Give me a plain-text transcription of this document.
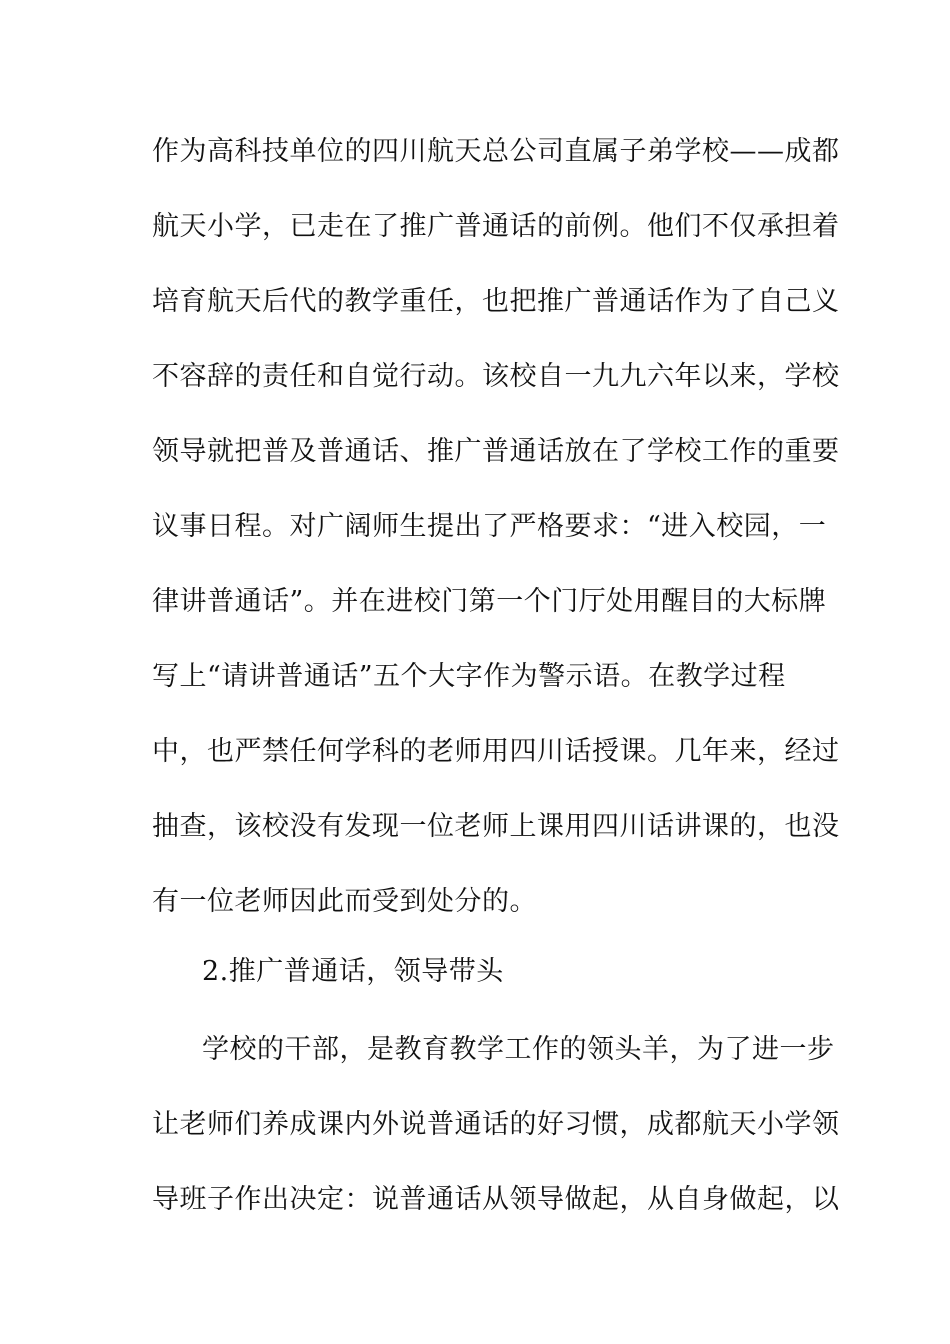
作为高科技单位的四川航天总公司直属子弟学校——成都
航天小学，已走在了推广普通话的前例。他们不仅承担着
培育航天后代的教学重任，也把推广普通话作为了自己义
不容辞的责任和自觉行动。该校自一九九六年以来，学校
领导就把普及普通话、推广普通话放在了学校工作的重要
议事日程。对广阔师生提出了严格要求：“进入校园，一
律讲普通话”。并在进校门第一个门厅处用醒目的大标牌
写上“请讲普通话”五个大字作为警示语。在教学过程
中，也严禁任何学科的老师用四川话授课。几年来，经过
抽查，该校没有发现一位老师上课用四川话讲课的，也没
有一位老师因此而受到处分的。
2.推广普通话，领导带头
学校的干部，是教育教学工作的领头羊，为了进一步
让老师们养成课内外说普通话的好习惯，成都航天小学领
导班子作出决定：说普通话从领导做起，从自身做起，以
